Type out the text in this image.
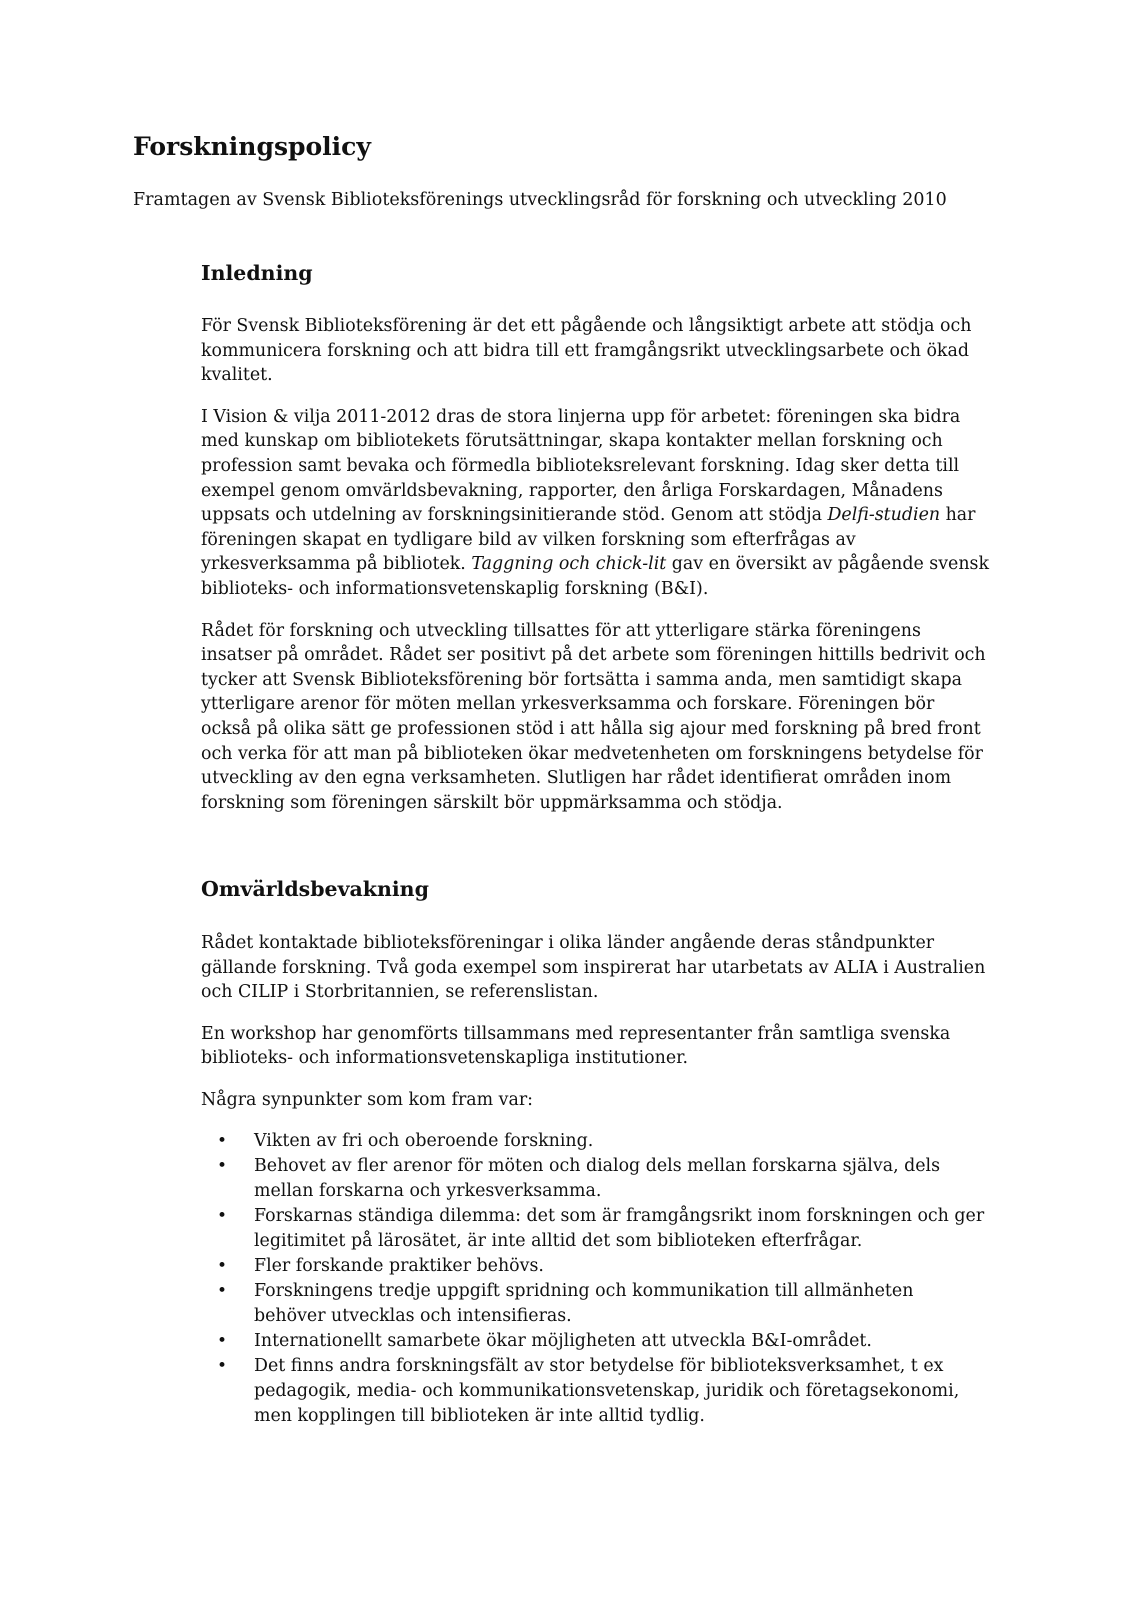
Forskningspolicy

Framtagen av Svensk Biblioteksförenings utvecklingsråd för forskning och utveckling 2010

Inledning

För Svensk Biblioteksförening är det ett pågående och långsiktigt arbete att stödja och
kommunicera forskning och att bidra till ett framgångsrikt utvecklingsarbete och ökad
kvalitet.

I Vision & vilja 2011-2012 dras de stora linjerna upp för arbetet: föreningen ska bidra
med kunskap om bibliotekets förutsättningar, skapa kontakter mellan forskning och
profession samt bevaka och förmedla biblioteksrelevant forskning. Idag sker detta till
exempel genom omvärldsbevakning, rapporter, den årliga Forskardagen, Månadens
uppsats och utdelning av forskningsinitierande stöd. Genom att stödja Delfi-studien har
föreningen skapat en tydligare bild av vilken forskning som efterfrågas av
yrkesverksamma på bibliotek. Taggning och chick-lit gav en översikt av pågående svensk
biblioteks- och informationsvetenskaplig forskning (B&I).

Rådet för forskning och utveckling tillsattes för att ytterligare stärka föreningens
insatser på området. Rådet ser positivt på det arbete som föreningen hittills bedrivit och
tycker att Svensk Biblioteksförening bör fortsätta i samma anda, men samtidigt skapa
ytterligare arenor för möten mellan yrkesverksamma och forskare. Föreningen bör
också på olika sätt ge professionen stöd i att hålla sig ajour med forskning på bred front
och verka för att man på biblioteken ökar medvetenheten om forskningens betydelse för
utveckling av den egna verksamheten. Slutligen har rådet identifierat områden inom
forskning som föreningen särskilt bör uppmärksamma och stödja.

Omvärldsbevakning

Rådet kontaktade biblioteksföreningar i olika länder angående deras ståndpunkter
gällande forskning. Två goda exempel som inspirerat har utarbetats av ALIA i Australien
och CILIP i Storbritannien, se referenslistan.

En workshop har genomförts tillsammans med representanter från samtliga svenska
biblioteks- och informationsvetenskapliga institutioner.

Några synpunkter som kom fram var:

• Vikten av fri och oberoende forskning.
• Behovet av fler arenor för möten och dialog dels mellan forskarna själva, dels
mellan forskarna och yrkesverksamma.
• Forskarnas ständiga dilemma: det som är framgångsrikt inom forskningen och ger
legitimitet på lärosätet, är inte alltid det som biblioteken efterfrågar.
• Fler forskande praktiker behövs.
• Forskningens tredje uppgift spridning och kommunikation till allmänheten
behöver utvecklas och intensifieras.
• Internationellt samarbete ökar möjligheten att utveckla B&I-området.
• Det finns andra forskningsfält av stor betydelse för biblioteksverksamhet, t ex
pedagogik, media- och kommunikationsvetenskap, juridik och företagsekonomi,
men kopplingen till biblioteken är inte alltid tydlig.
